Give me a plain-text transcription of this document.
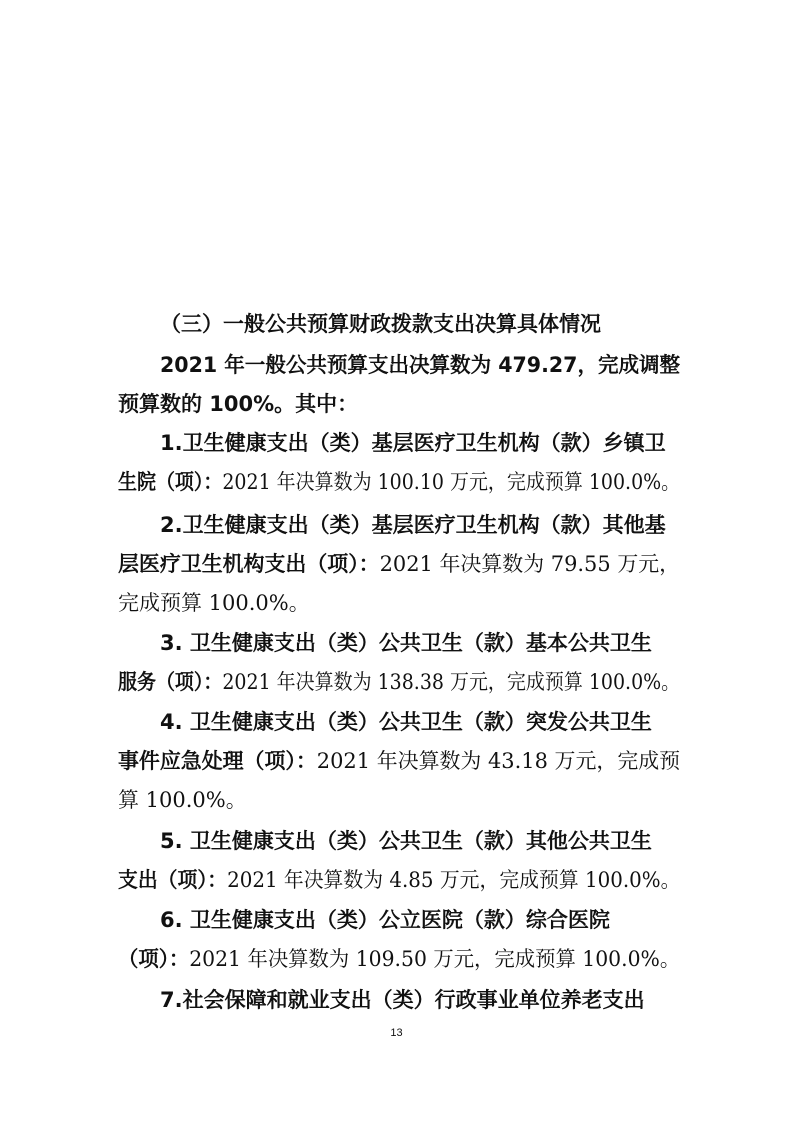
（三）一般公共预算财政拨款支出决算具体情况
2021 年一般公共预算支出决算数为 479.27，完成调整
预算数的 100%。其中：
1.卫生健康支出（类）基层医疗卫生机构（款）乡镇卫
生院（项）：2021 年决算数为 100.10 万元，完成预算 100.0%。
2.卫生健康支出（类）基层医疗卫生机构（款）其他基
层医疗卫生机构支出（项）：2021 年决算数为 79.55 万元，
完成预算 100.0%。
3. 卫生健康支出（类）公共卫生（款）基本公共卫生
服务（项）：2021 年决算数为 138.38 万元，完成预算 100.0%。
4. 卫生健康支出（类）公共卫生（款）突发公共卫生
事件应急处理（项）：2021 年决算数为 43.18 万元，完成预
算 100.0%。
5. 卫生健康支出（类）公共卫生（款）其他公共卫生
支出（项）：2021 年决算数为 4.85 万元，完成预算 100.0%。
6. 卫生健康支出（类）公立医院（款）综合医院
（项）：2021 年决算数为 109.50 万元，完成预算 100.0%。
7.社会保障和就业支出（类）行政事业单位养老支出
13
